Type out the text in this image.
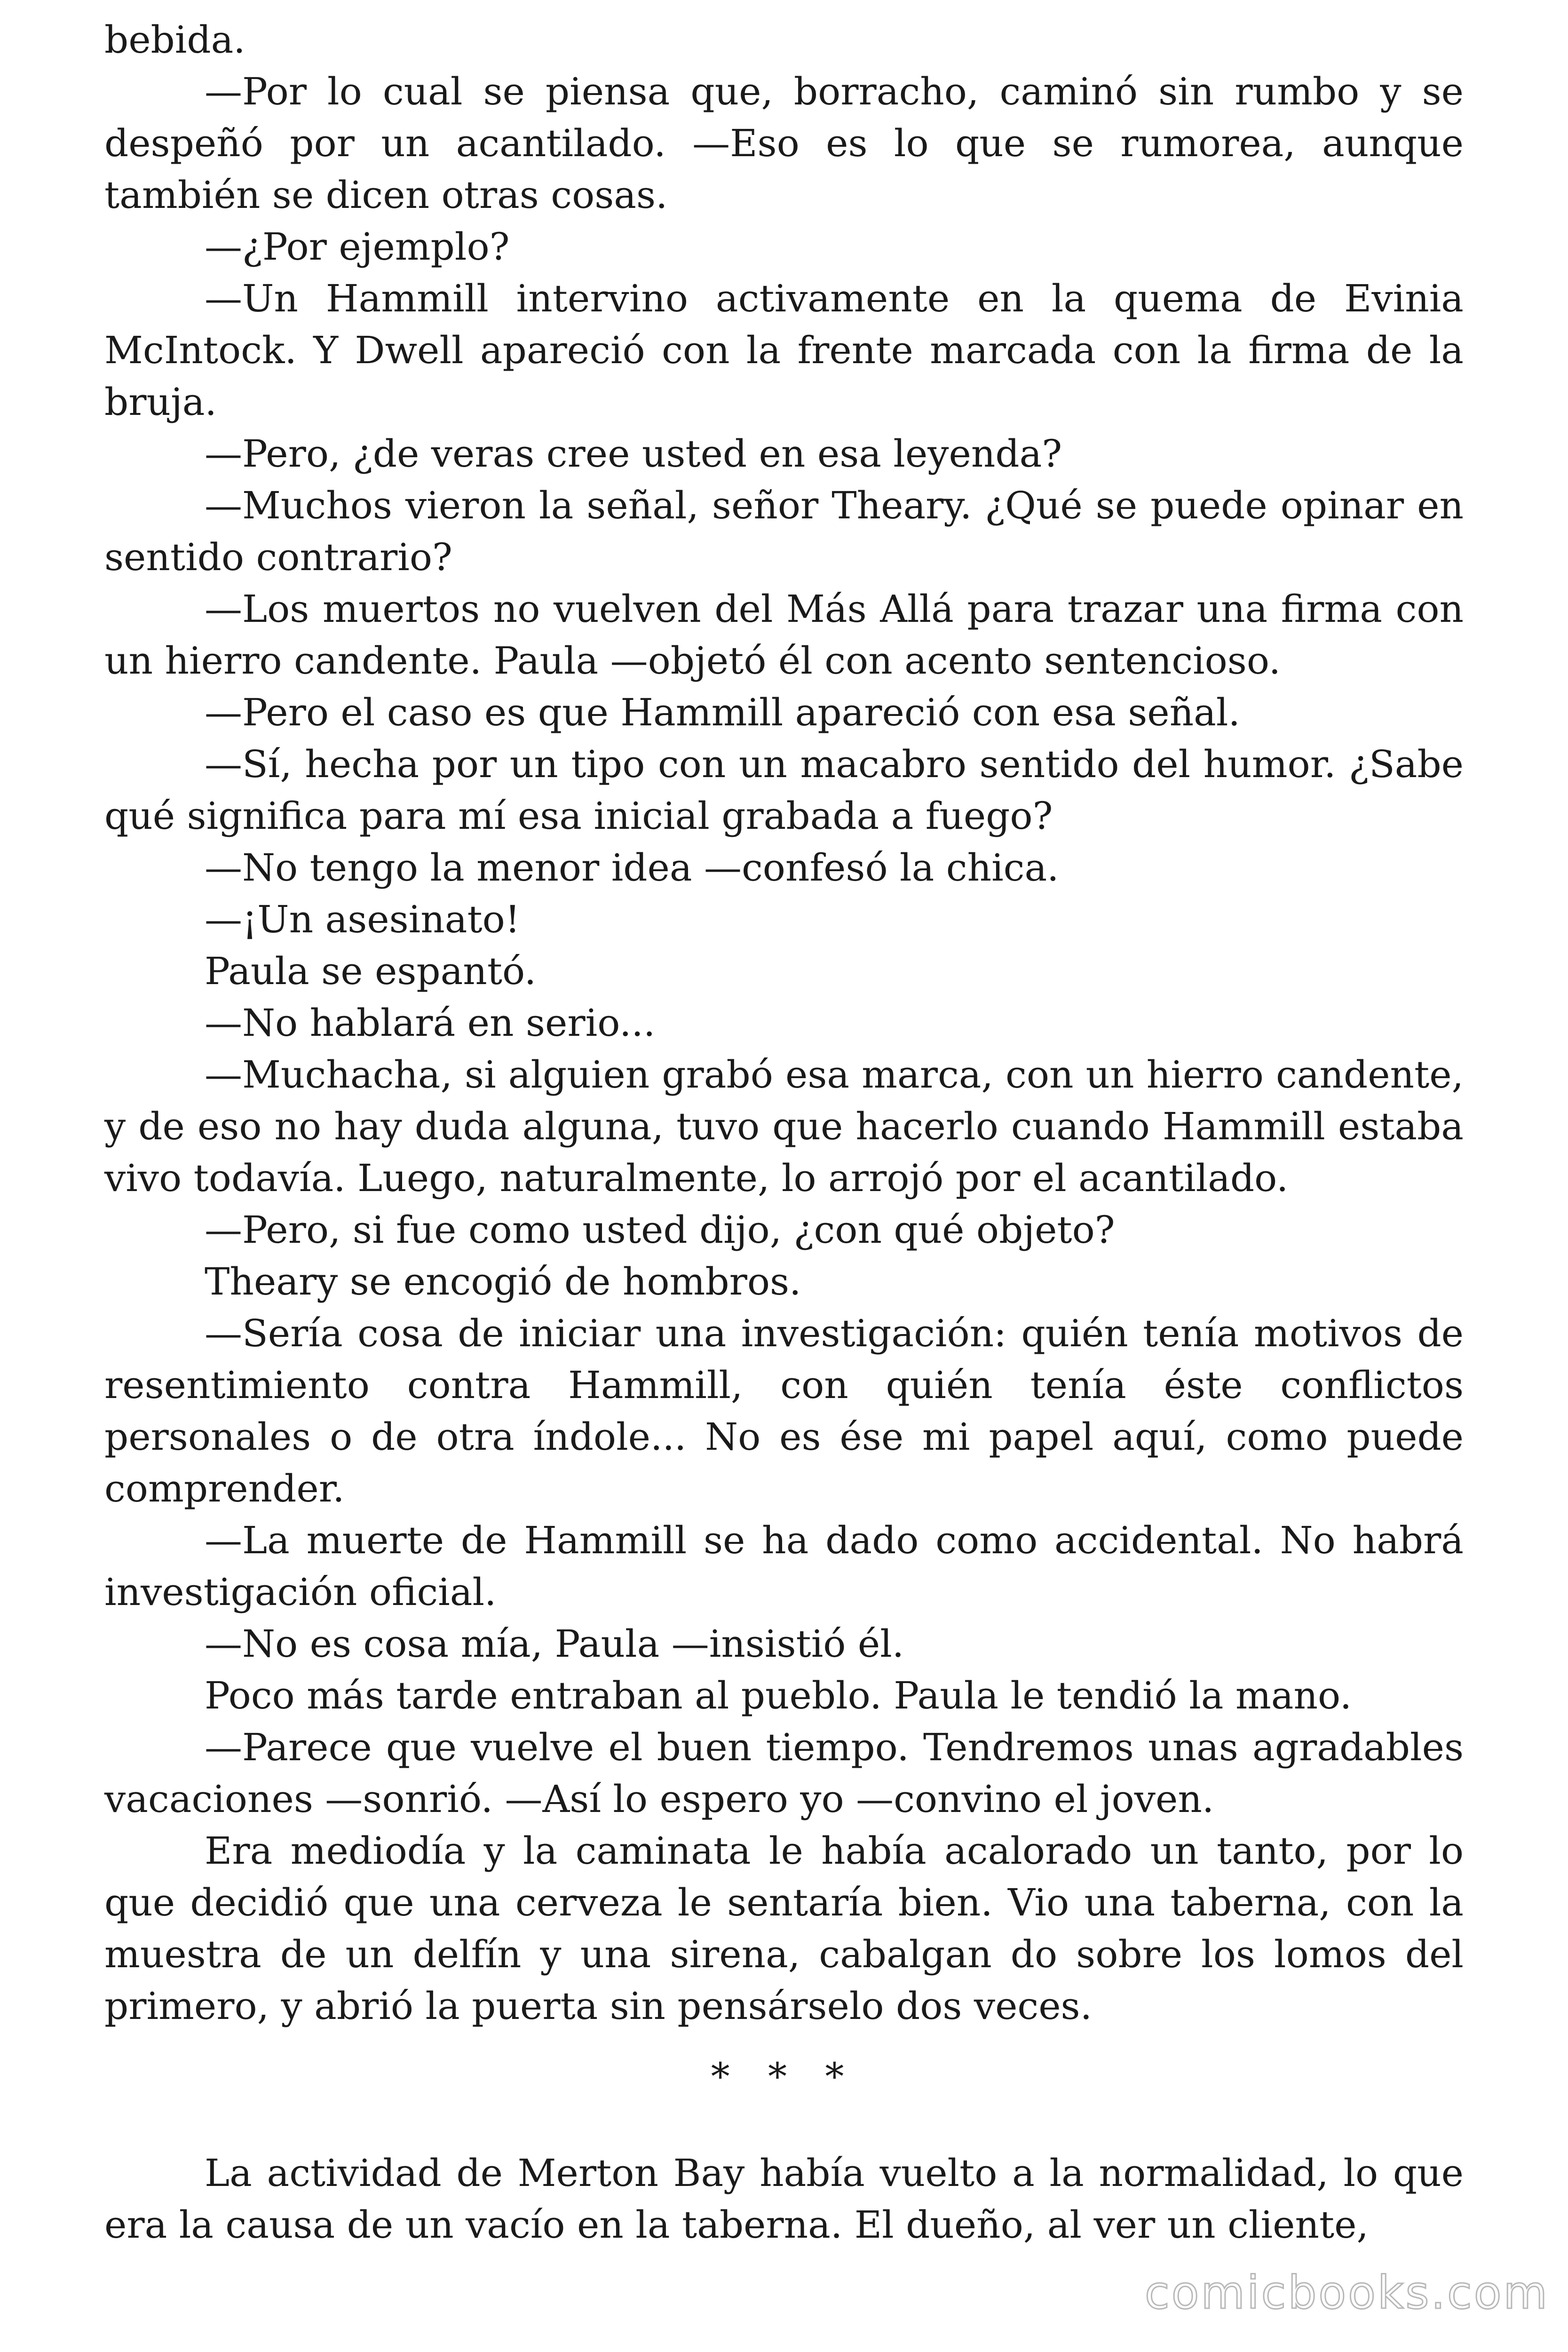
bebida.

—Por lo cual se piensa que, borracho, caminó sin rumbo y se despeñó por un acantilado. —Eso es lo que se rumorea, aunque también se dicen otras cosas.

—¿Por ejemplo?

—Un Hammill intervino activamente en la quema de Evinia McIntock. Y Dwell apareció con la frente marcada con la firma de la bruja.

—Pero, ¿de veras cree usted en esa leyenda?

—Muchos vieron la señal, señor Theary. ¿Qué se puede opinar en sentido contrario?

—Los muertos no vuelven del Más Allá para trazar una firma con un hierro candente. Paula —objetó él con acento sentencioso.

—Pero el caso es que Hammill apareció con esa señal.

—Sí, hecha por un tipo con un macabro sentido del humor. ¿Sabe qué significa para mí esa inicial grabada a fuego?

—No tengo la menor idea —confesó la chica.

—¡Un asesinato!

Paula se espantó.

—No hablará en serio...

—Muchacha, si alguien grabó esa marca, con un hierro candente, y de eso no hay duda alguna, tuvo que hacerlo cuando Hammill estaba vivo todavía. Luego, naturalmente, lo arrojó por el acantilado.

—Pero, si fue como usted dijo, ¿con qué objeto?

Theary se encogió de hombros.

—Sería cosa de iniciar una investigación: quién tenía motivos de resentimiento contra Hammill, con quién tenía éste conflictos personales o de otra índole... No es ése mi papel aquí, como puede comprender.

—La muerte de Hammill se ha dado como accidental. No habrá investigación oficial.

—No es cosa mía, Paula —insistió él.

Poco más tarde entraban al pueblo. Paula le tendió la mano.

—Parece que vuelve el buen tiempo. Tendremos unas agradables vacaciones —sonrió. —Así lo espero yo —convino el joven.

Era mediodía y la caminata le había acalorado un tanto, por lo que decidió que una cerveza le sentaría bien. Vio una taberna, con la muestra de un delfín y una sirena, cabalgan do sobre los lomos del primero, y abrió la puerta sin pensárselo dos veces.

* * *

La actividad de Merton Bay había vuelto a la normalidad, lo que era la causa de un vacío en la taberna. El dueño, al ver un cliente,

comicbooks.com
